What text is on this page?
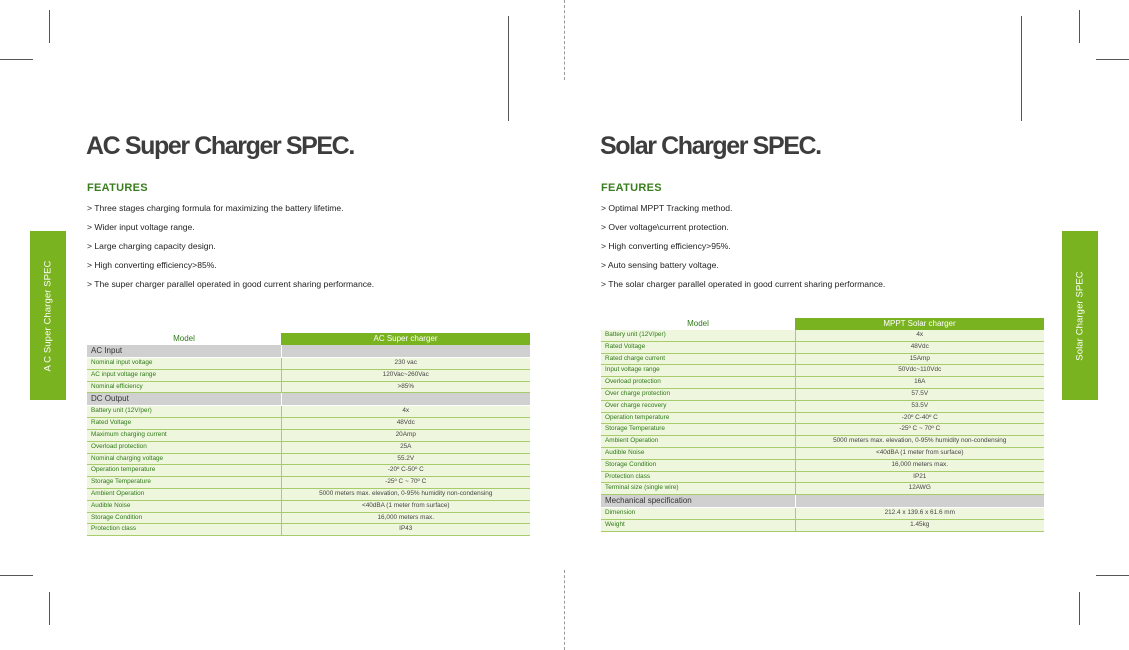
A C Super Charger SPEC	Solar Charger SPEC
AC Super Charger SPEC.
FEATURES
> Three stages charging formula for maximizing the battery lifetime.
> Wider input voltage range.
> Large charging capacity design.
> High converting efficiency>85%.
> The super charger parallel operated in good current sharing performance.
Model	AC Super charger
AC Input	
Nominal input voltage	230 vac
AC input voltage range	120Vac~260Vac
Nominal efficiency	>85%
DC Output	
Battery unit (12V/per)	4x
Rated Voltage	48Vdc
Maximum charging current	20Amp
Overload protection	25A
Nominal charging voltage	55.2V
Operation temperature	-20º C-50º C
Storage Temperature	-25º C ~ 70º C
Ambient Operation	5000 meters max. elevation, 0-95% humidity non-condensing
Audible Noise	<40dBA (1 meter from surface)
Storage Condition	16,000 meters max.
Protection class	IP43
Solar Charger SPEC.
FEATURES
> Optimal MPPT Tracking method.
> Over voltage\current protection.
> High converting efficiency>95%.
> Auto sensing battery voltage.
> The solar charger parallel operated in good current sharing performance.
Model	MPPT Solar charger
Battery unit (12V/per)	4x
Rated Voltage	48Vdc
Rated charge current	15Amp
Input voltage range	50Vdc~110Vdc
Overload protection	16A
Over charge protection	57.5V
Over charge recovery	53.5V
Operation temperature	-20º C-40º C
Storage Temperature	-25º C ~ 70º C
Ambient Operation	5000 meters max. elevation, 0-95% humidity non-condensing
Audible Noise	<40dBA (1 meter from surface)
Storage Condition	16,000 meters max.
Protection class	IP21
Terminal size (single wire)	12AWG
Mechanical specification	
Dimension	212.4 x 139.6 x 61.6 mm
Weight	1.45kg
